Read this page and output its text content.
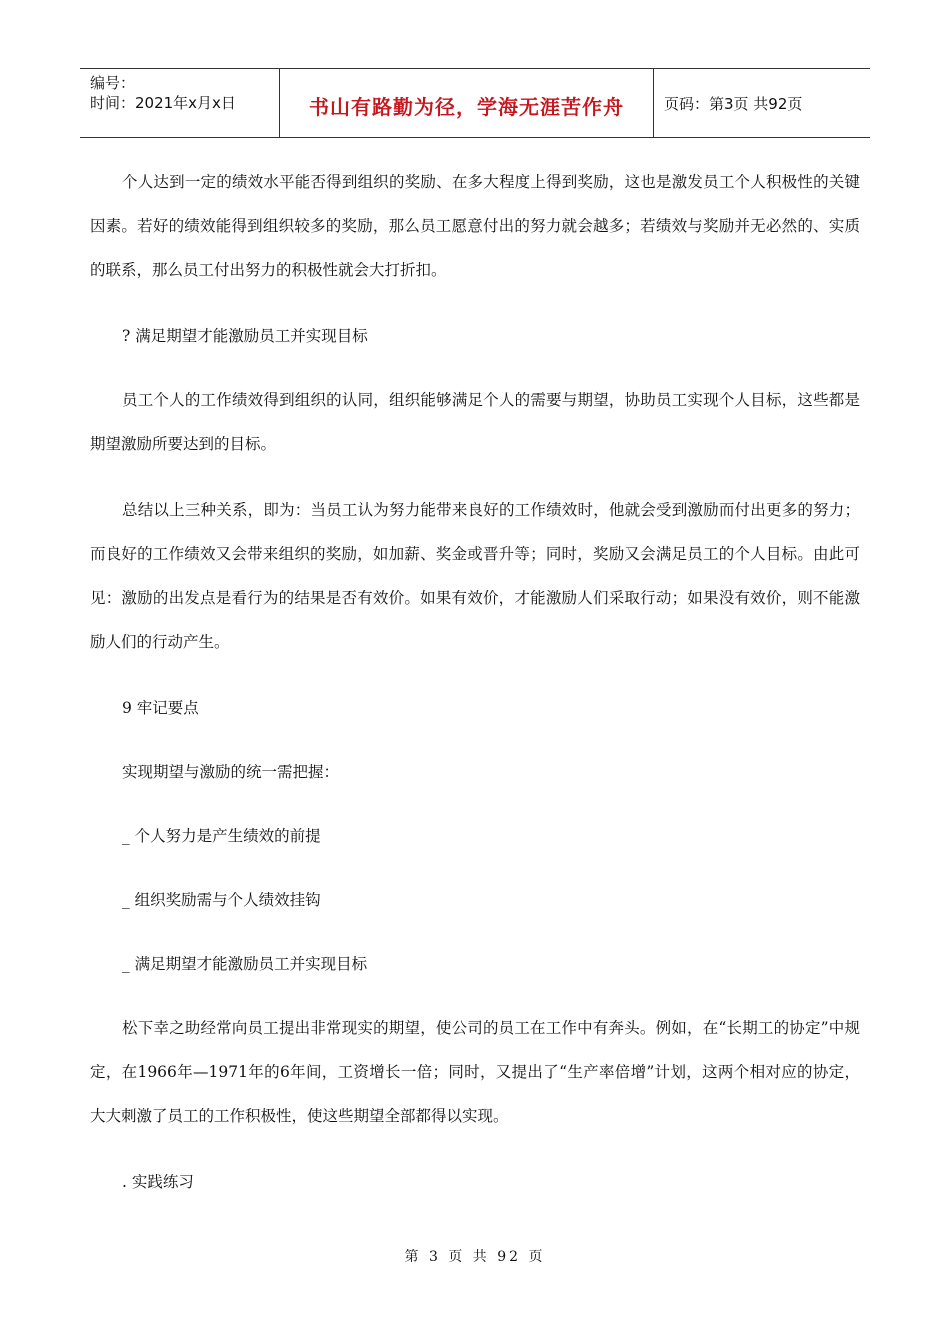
编号：
时间：2021年x月x日	书山有路勤为径，学海无涯苦作舟	页码：第3页 共92页

个人达到一定的绩效水平能否得到组织的奖励、在多大程度上得到奖励，这也是激发员工个人积极性的关键因素。若好的绩效能得到组织较多的奖励，那么员工愿意付出的努力就会越多；若绩效与奖励并无必然的、实质的联系，那么员工付出努力的积极性就会大打折扣。

? 满足期望才能激励员工并实现目标

员工个人的工作绩效得到组织的认同，组织能够满足个人的需要与期望，协助员工实现个人目标，这些都是期望激励所要达到的目标。

总结以上三种关系，即为：当员工认为努力能带来良好的工作绩效时，他就会受到激励而付出更多的努力；而良好的工作绩效又会带来组织的奖励，如加薪、奖金或晋升等；同时，奖励又会满足员工的个人目标。由此可见：激励的出发点是看行为的结果是否有效价。如果有效价，才能激励人们采取行动；如果没有效价，则不能激励人们的行动产生。

9 牢记要点

实现期望与激励的统一需把握：

_ 个人努力是产生绩效的前提

_ 组织奖励需与个人绩效挂钩

_ 满足期望才能激励员工并实现目标

松下幸之助经常向员工提出非常现实的期望，使公司的员工在工作中有奔头。例如，在“长期工的协定”中规定，在1966年—1971年的6年间，工资增长一倍；同时，又提出了“生产率倍增”计划，这两个相对应的协定，大大刺激了员工的工作积极性，使这些期望全部都得以实现。

. 实践练习

第 3 页 共 92 页
